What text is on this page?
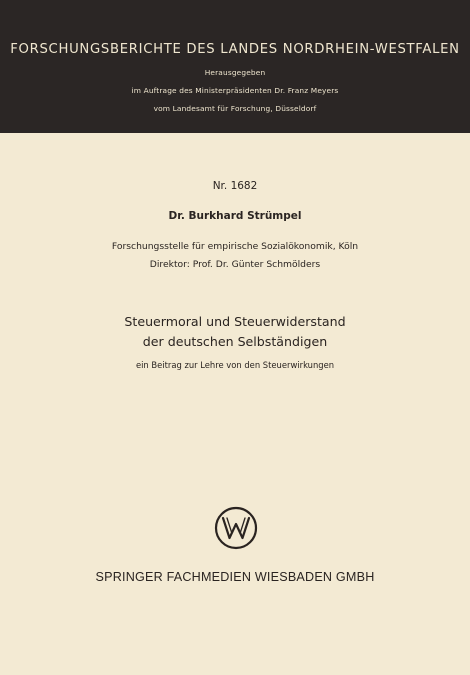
FORSCHUNGSBERICHTE DES LANDES NORDRHEIN-WESTFALEN
Herausgegeben
im Auftrage des Ministerpräsidenten Dr. Franz Meyers
vom Landesamt für Forschung, Düsseldorf
Nr. 1682
Dr. Burkhard Strümpel
Forschungsstelle für empirische Sozialökonomik, Köln
Direktor: Prof. Dr. Günter Schmölders
Steuermoral und Steuerwiderstand
der deutschen Selbständigen
ein Beitrag zur Lehre von den Steuerwirkungen
SPRINGER FACHMEDIEN WIESBADEN GMBH
